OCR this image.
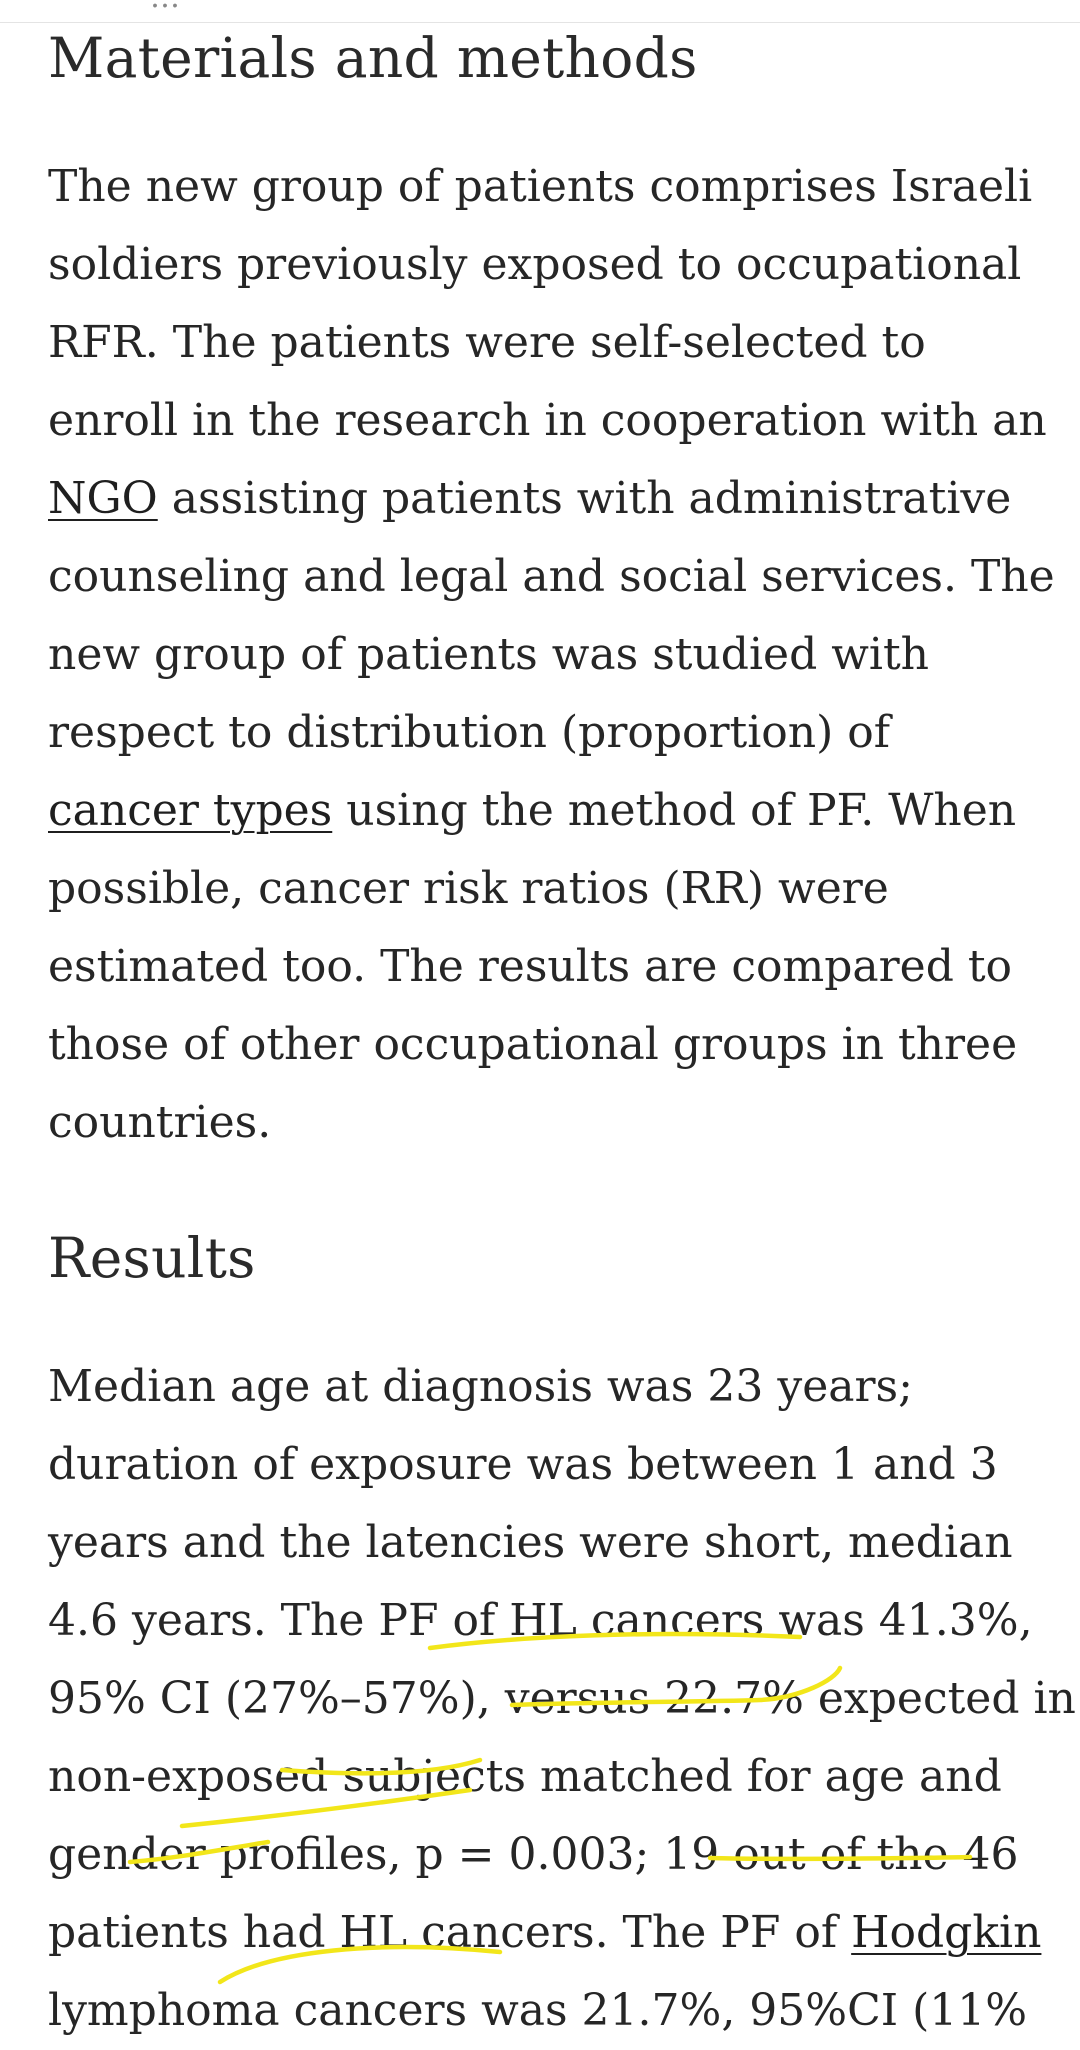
Materials and methods
The new group of patients comprises Israeli
soldiers previously exposed to occupational
RFR. The patients were self-selected to
enroll in the research in cooperation with an
NGO assisting patients with administrative
counseling and legal and social services. The
new group of patients was studied with
respect to distribution (proportion) of
cancer types using the method of PF. When
possible, cancer risk ratios (RR) were
estimated too. The results are compared to
those of other occupational groups in three
countries.
Results
Median age at diagnosis was 23 years;
duration of exposure was between 1 and 3
years and the latencies were short, median
4.6 years. The PF of HL cancers was 41.3%,
95% CI (27%–57%), versus 22.7% expected in
non-exposed subjects matched for age and
gender profiles, p = 0.003; 19 out of the 46
patients had HL cancers. The PF of Hodgkin
lymphoma cancers was 21.7%, 95%CI (11%
